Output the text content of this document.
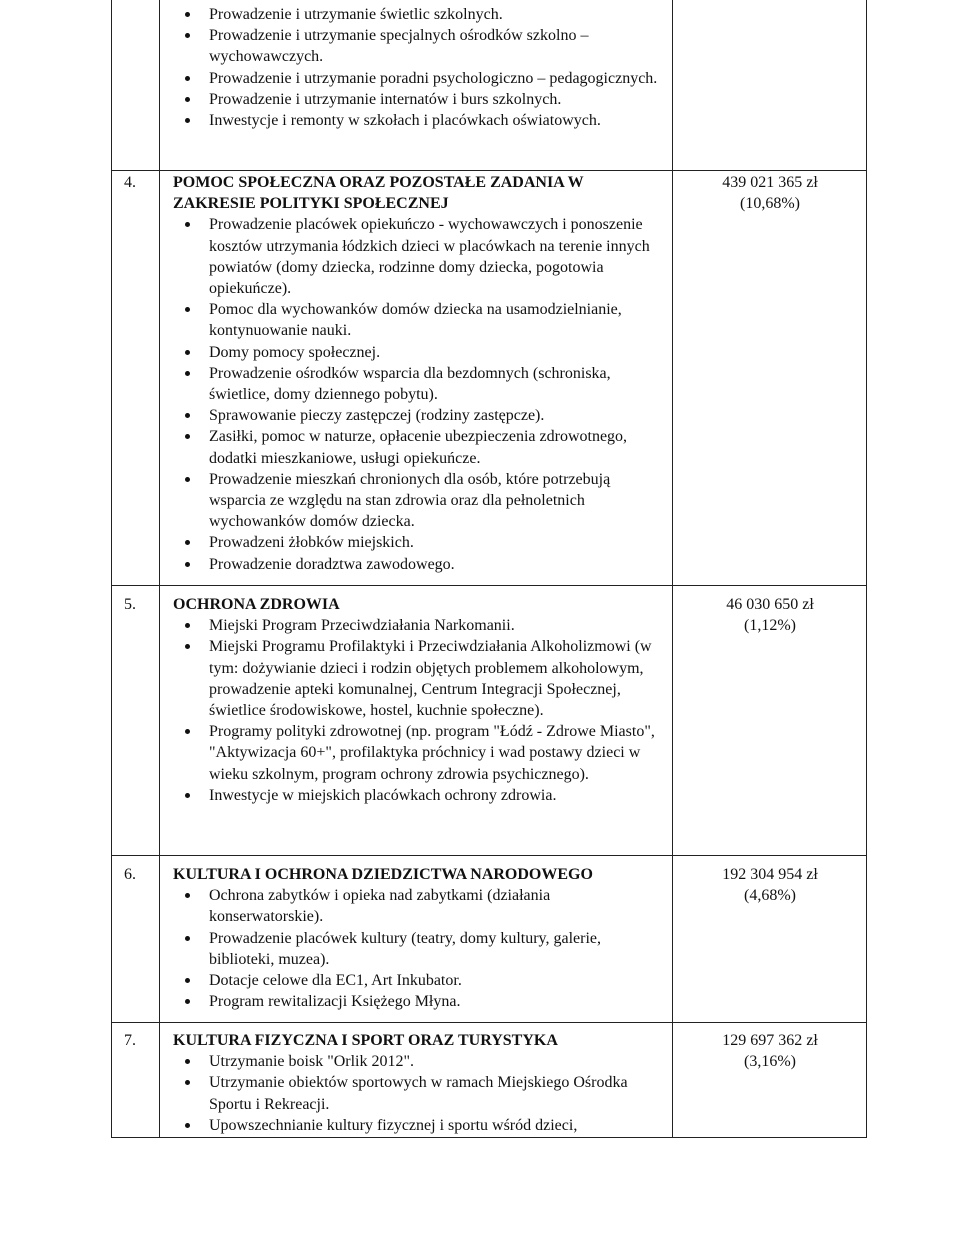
Prowadzenie i utrzymanie świetlic szkolnych.
Prowadzenie i utrzymanie specjalnych ośrodków szkolno – wychowawczych.
Prowadzenie i utrzymanie poradni psychologiczno – pedagogicznych.
Prowadzenie i utrzymanie internatów i burs szkolnych.
Inwestycje i remonty w szkołach i placówkach oświatowych.
4. POMOC SPOŁECZNA ORAZ POZOSTAŁE ZADANIA W ZAKRESIE POLITYKI SPOŁECZNEJ

Prowadzenie placówek opiekuńczo - wychowawczych i ponoszenie kosztów utrzymania łódzkich dzieci w placówkach na terenie innych powiatów (domy dziecka, rodzinne domy dziecka, pogotowia opiekuńcze).
Pomoc dla wychowanków domów dziecka na usamodzielnianie, kontynuowanie nauki.
Domy pomocy społecznej.
Prowadzenie ośrodków wsparcia dla bezdomnych (schroniska, świetlice, domy dziennego pobytu).
Sprawowanie pieczy zastępczej (rodziny zastępcze).
Zasiłki, pomoc w naturze, opłacenie ubezpieczenia zdrowotnego, dodatki mieszkaniowe, usługi opiekuńcze.
Prowadzenie mieszkań chronionych dla osób, które potrzebują wsparcia ze względu na stan zdrowia oraz dla pełnoletnich wychowanków domów dziecka.
Prowadzeni żłobków miejskich.
Prowadzenie doradztwa zawodowego.
439 021 365 zł
(10,68%)
5. OCHRONA ZDROWIA

Miejski Program Przeciwdziałania Narkomanii.
Miejski Programu Profilaktyki i Przeciwdziałania Alkoholizmowi (w tym: dożywianie dzieci i rodzin objętych problemem alkoholowym, prowadzenie apteki komunalnej, Centrum Integracji Społecznej, świetlice środowiskowe, hostel, kuchnie społeczne).
Programy polityki zdrowotnej (np. program "Łódź - Zdrowe Miasto", "Aktywizacja 60+", profilaktyka próchnicy i wad postawy dzieci w wieku szkolnym, program ochrony zdrowia psychicznego).
Inwestycje w miejskich placówkach ochrony zdrowia.
46 030 650 zł
(1,12%)
6. KULTURA I OCHRONA DZIEDZICTWA NARODOWEGO

Ochrona zabytków i opieka nad zabytkami (działania konserwatorskie).
Prowadzenie placówek kultury (teatry, domy kultury, galerie, biblioteki, muzea).
Dotacje celowe dla EC1, Art Inkubator.
Program rewitalizacji Księżego Młyna.
192 304 954 zł
(4,68%)
7. KULTURA FIZYCZNA I SPORT ORAZ TURYSTYKA

Utrzymanie boisk "Orlik 2012".
Utrzymanie obiektów sportowych w ramach Miejskiego Ośrodka Sportu i Rekreacji.
Upowszechnianie kultury fizycznej i sportu wśród dzieci,
129 697 362 zł
(3,16%)
